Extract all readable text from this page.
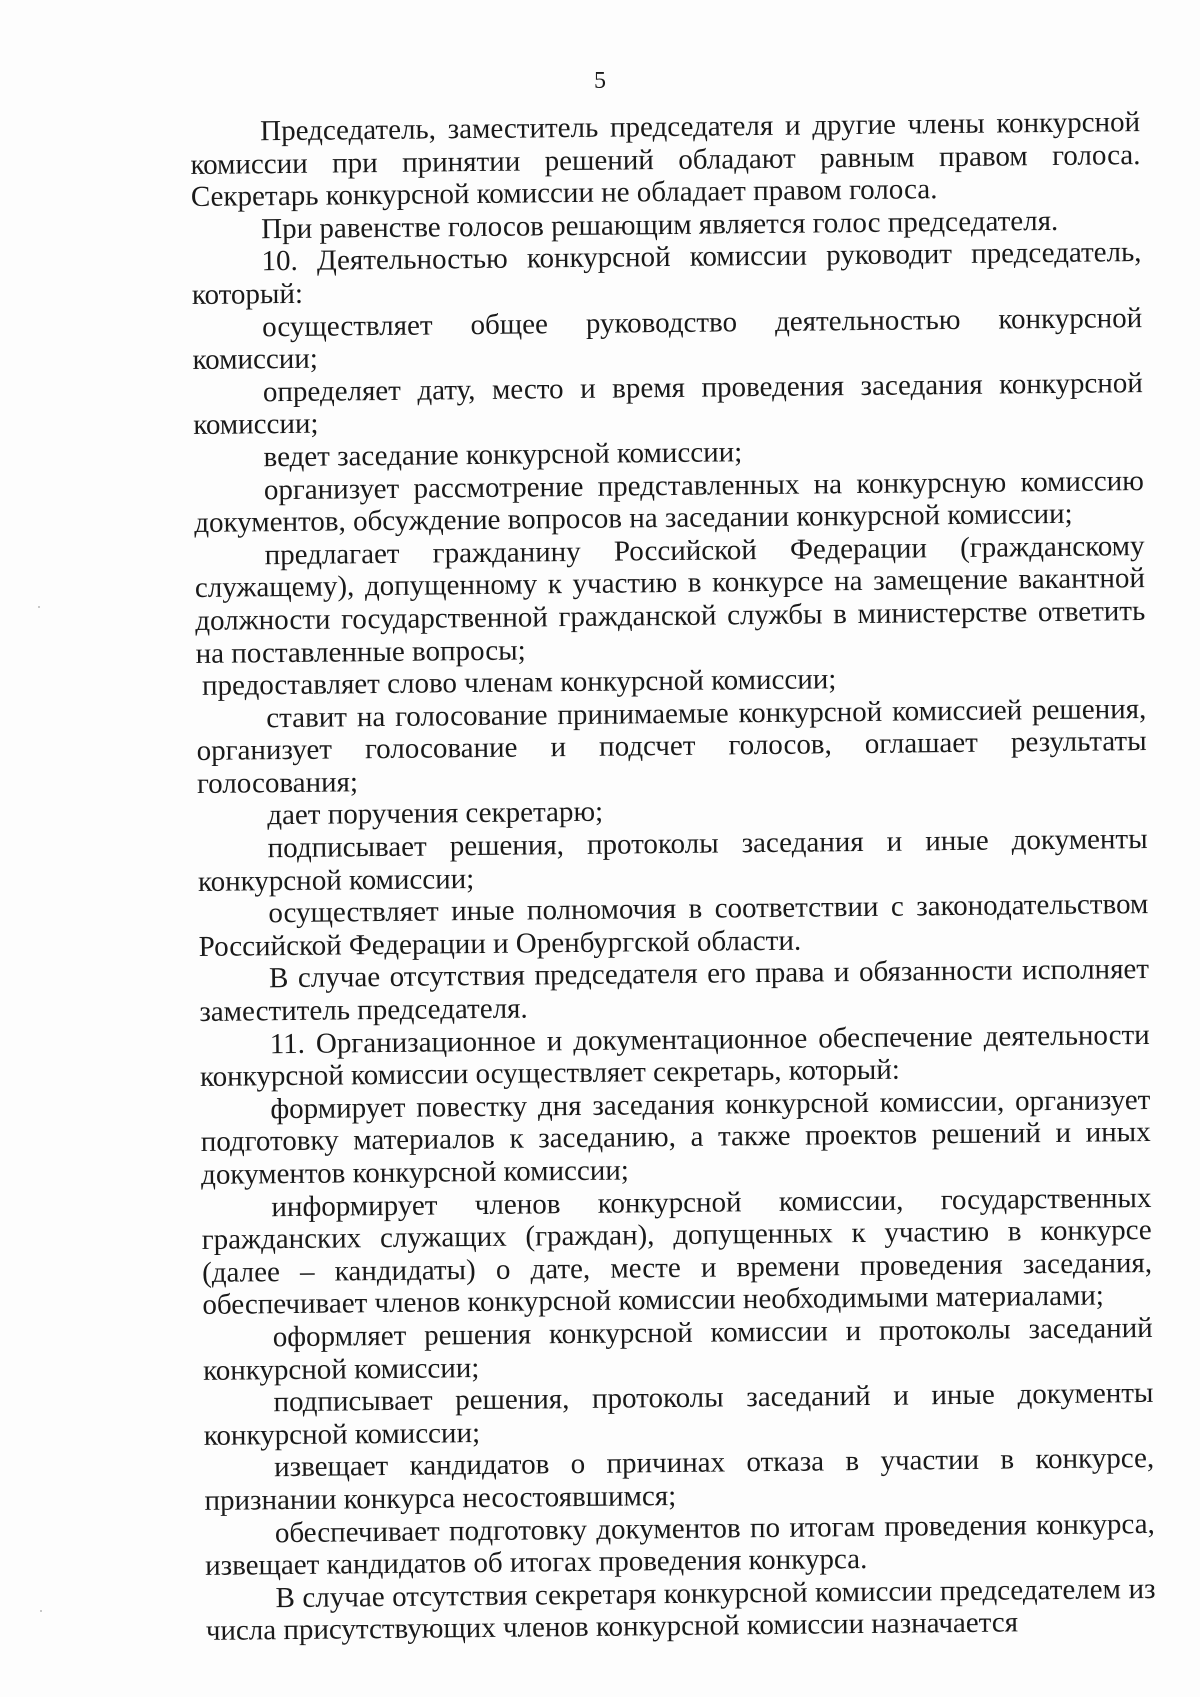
5

Председатель, заместитель председателя и другие члены конкурсной комиссии при принятии решений обладают равным правом голоса. Секретарь конкурсной комиссии не обладает правом голоса.

При равенстве голосов решающим является голос председателя.

10. Деятельностью конкурсной комиссии руководит председатель, который:

осуществляет общее руководство деятельностью конкурсной комиссии;

определяет дату, место и время проведения заседания конкурсной комиссии;

ведет заседание конкурсной комиссии;

организует рассмотрение представленных на конкурсную комиссию документов, обсуждение вопросов на заседании конкурсной комиссии;

предлагает гражданину Российской Федерации (гражданскому служащему), допущенному к участию в конкурсе на замещение вакантной должности государственной гражданской службы в министерстве ответить на поставленные вопросы;

предоставляет слово членам конкурсной комиссии;

ставит на голосование принимаемые конкурсной комиссией решения, организует голосование и подсчет голосов, оглашает результаты голосования;

дает поручения секретарю;

подписывает решения, протоколы заседания и иные документы конкурсной комиссии;

осуществляет иные полномочия в соответствии с законодательством Российской Федерации и Оренбургской области.

В случае отсутствия председателя его права и обязанности исполняет заместитель председателя.

11. Организационное и документационное обеспечение деятельности конкурсной комиссии осуществляет секретарь, который:

формирует повестку дня заседания конкурсной комиссии, организует подготовку материалов к заседанию, а также проектов решений и иных документов конкурсной комиссии;

информирует членов конкурсной комиссии, государственных гражданских служащих (граждан), допущенных к участию в конкурсе (далее – кандидаты) о дате, месте и времени проведения заседания, обеспечивает членов конкурсной комиссии необходимыми материалами;

оформляет решения конкурсной комиссии и протоколы заседаний конкурсной комиссии;

подписывает решения, протоколы заседаний и иные документы конкурсной комиссии;

извещает кандидатов о причинах отказа в участии в конкурсе, признании конкурса несостоявшимся;

обеспечивает подготовку документов по итогам проведения конкурса, извещает кандидатов об итогах проведения конкурса.

В случае отсутствия секретаря конкурсной комиссии председателем из числа присутствующих членов конкурсной комиссии назначается
